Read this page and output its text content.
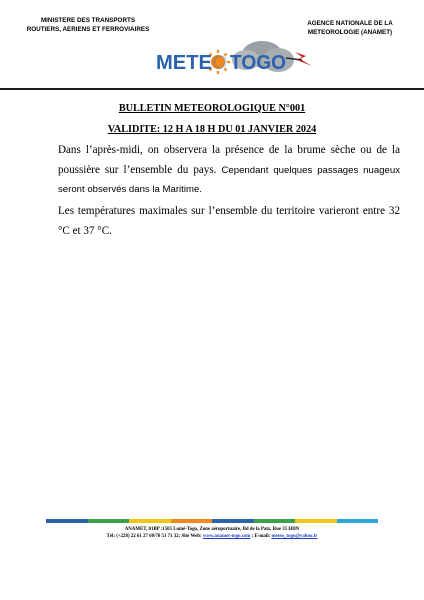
MINISTERE DES TRANSPORTS
ROUTIERS, AERIENS ET FERROVIAIRES
AGENCE NATIONALE DE LA
METEOROLOGIE (ANAMET)
METE O TOGO
BULLETIN METEOROLOGIQUE N°001
VALIDITE: 12 H A 18 H DU 01 JANVIER 2024

Dans l’après-midi, on observera la présence de la brume sèche ou de la poussière sur l’ensemble du pays. Cependant quelques passages nuageux seront observés dans la Maritime.

Les températures maximales sur l’ensemble du territoire varieront entre 32 °C et 37 °C.

ANAMET, 01BP :1505 Lomé-Togo, Zone aéroportuaire, Bd de la Paix, Rue 35 HDN
Tél: (+228) 22 61 27 60/70 51 71 32; Site Web: www.anamet-togo.com ; E-mail: meteo_togo@yahoo.fr
